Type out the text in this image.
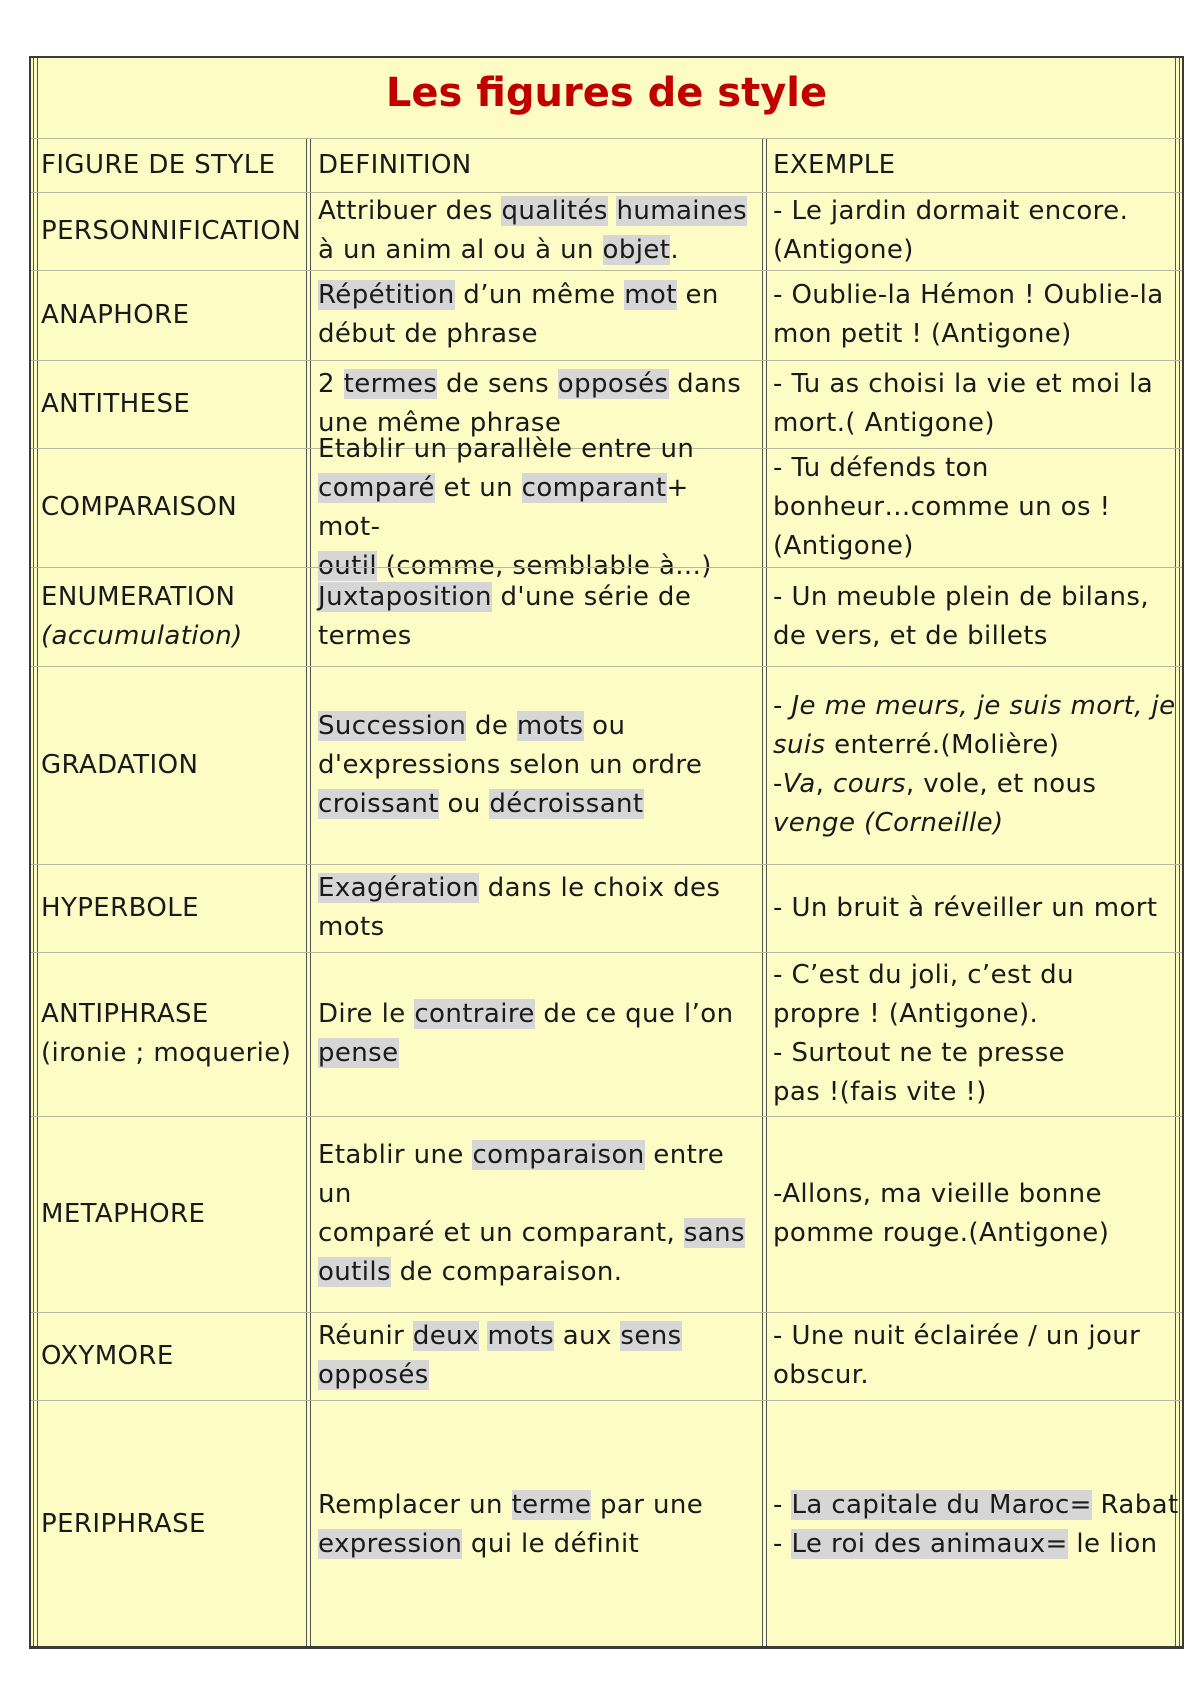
Les figures de style
FIGURE DE STYLE	DEFINITION	EXEMPLE
PERSONNIFICATION
Attribuer des qualités humaines
à un anim al ou à un objet.
- Le jardin dormait encore.
(Antigone)
ANAPHORE
Répétition d’un même mot en
début de phrase
- Oublie-la Hémon ! Oublie-la
mon petit ! (Antigone)
ANTITHESE
2 termes de sens opposés dans
une même phrase
- Tu as choisi la vie et moi la
mort.( Antigone)
COMPARAISON
Etablir un parallèle entre un
comparé et un comparant+ mot-
outil (comme, semblable à...)
- Tu défends ton
bonheur…comme un os !
(Antigone)
ENUMERATION
(accumulation)
Juxtaposition d'une série de
termes
- Un meuble plein de bilans,
de vers, et de billets
GRADATION
Succession de mots ou
d'expressions selon un ordre
croissant ou décroissant
- Je me meurs, je suis mort, je
suis enterré.(Molière)
-Va, cours, vole, et nous
venge (Corneille)
HYPERBOLE
Exagération dans le choix des
mots
- Un bruit à réveiller un mort
ANTIPHRASE
(ironie ; moquerie)
Dire le contraire de ce que l’on
pense
- C’est du joli, c’est du
propre ! (Antigone).
- Surtout ne te presse
pas !(fais vite !)
METAPHORE
Etablir une comparaison entre un
comparé et un comparant, sans
outils de comparaison.
-Allons, ma vieille bonne
pomme rouge.(Antigone)
OXYMORE
Réunir deux mots aux sens
opposés
- Une nuit éclairée / un jour
obscur.
PERIPHRASE
Remplacer un terme par une
expression qui le définit
- La capitale du Maroc= Rabat
- Le roi des animaux= le lion
